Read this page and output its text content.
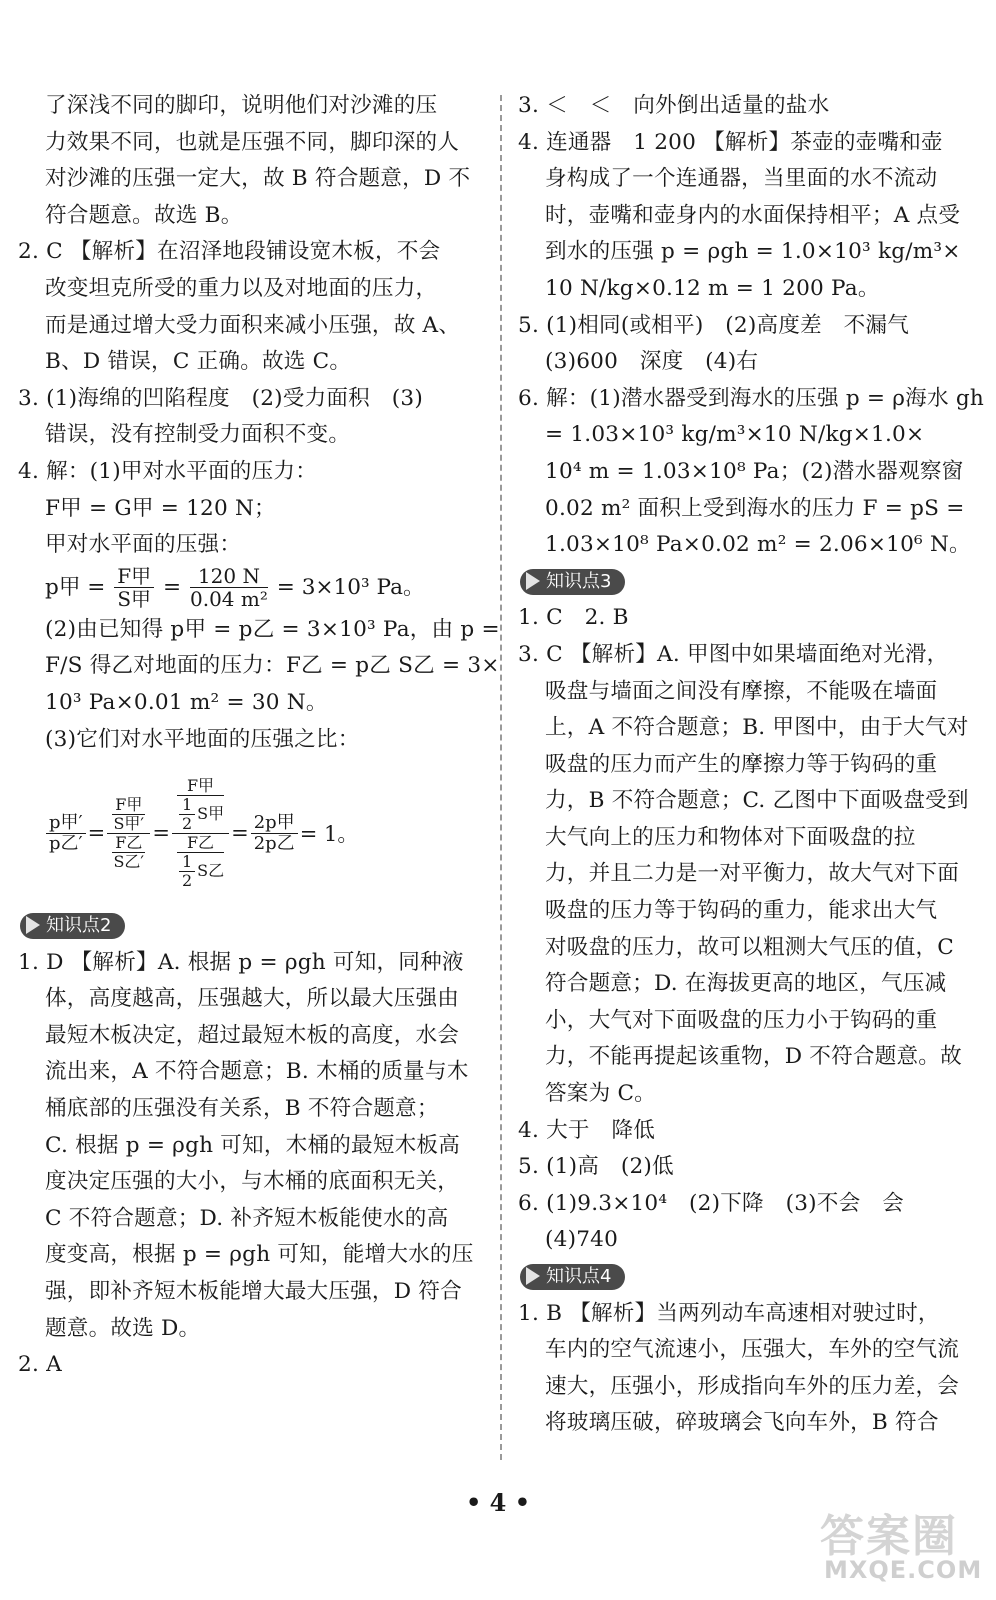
了深浅不同的脚印，说明他们对沙滩的压
力效果不同，也就是压强不同，脚印深的人
对沙滩的压强一定大，故 B 符合题意，D 不
符合题意。故选 B。
2. C 【解析】在沼泽地段铺设宽木板，不会
改变坦克所受的重力以及对地面的压力，
而是通过增大受力面积来减小压强，故 A、
B、D 错误，C 正确。故选 C。
3. (1)海绵的凹陷程度　(2)受力面积　(3)
错误，没有控制受力面积不变。
4. 解：(1)甲对水平面的压力：
F甲 = G甲 = 120 N；
甲对水平面的压强：
p甲 = $\frac{\text{F甲}}{\text{S甲}} = \frac{120 N}{\text{0.04 m²}} = 3\times 10^3$ Pa。
(2)由已知得 p甲 = p乙 = 3×10³ Pa，由 p =
F/S 得乙对地面的压力：F乙 = p乙 S乙 = 3×
10³ Pa×0.01 m² = 30 N。
(3)它们对水平地面的压强之比：
$\frac{\text{p甲′}}{\text{p乙′}} = \frac{\frac{\text{F甲}}{\text{S甲′}}}{\frac{\text{F乙}}{\text{S乙′}}}$ =
$\frac{\text{F甲}}{\frac{1}{2} S甲}$
$\frac{\text{F乙}}{\frac{1}{2} S乙}$
= $\frac{\text{2p甲}}{\text{2p乙}} = 1$。
知识点2
1. D 【解析】A. 根据 p = ρgh 可知，同种液
体，高度越高，压强越大，所以最大压强由
最短木板决定，超过最短木板的高度，水会
流出来，A 不符合题意；B. 木桶的质量与木
桶底部的压强没有关系，B 不符合题意；
C. 根据 p = ρgh 可知，木桶的最短木板高
度决定压强的大小，与木桶的底面积无关，
C 不符合题意；D. 补齐短木板能使水的高
度变高，根据 p = ρgh 可知，能增大水的压
强，即补齐短木板能增大最大压强，D 符合
题意。故选 D。
2. A
3. ＜　＜　向外倒出适量的盐水
4. 连通器　1 200 【解析】茶壶的壶嘴和壶
身构成了一个连通器，当里面的水不流动
时，壶嘴和壶身内的水面保持相平；A 点受
到水的压强 p = ρgh = 1.0×10³ kg/m³×
10 N/kg×0.12 m = 1 200 Pa。
5. (1)相同(或相平)　(2)高度差　不漏气
(3)600　深度　(4)右
6. 解：(1)潜水器受到海水的压强 p = ρ海水 gh
= 1.03×10³ kg/m³×10 N/kg×1.0×
10⁴ m = 1.03×10⁸ Pa；(2)潜水器观察窗
0.02 m² 面积上受到海水的压力 F = pS =
1.03×10⁸ Pa×0.02 m² = 2.06×10⁶ N。
知识点3
1. C　2. B
3. C 【解析】A. 甲图中如果墙面绝对光滑，
吸盘与墙面之间没有摩擦，不能吸在墙面
上，A 不符合题意；B. 甲图中，由于大气对
吸盘的压力而产生的摩擦力等于钩码的重
力，B 不符合题意；C. 乙图中下面吸盘受到
大气向上的压力和物体对下面吸盘的拉
力，并且二力是一对平衡力，故大气对下面
吸盘的压力等于钩码的重力，能求出大气
对吸盘的压力，故可以粗测大气压的值，C
符合题意；D. 在海拔更高的地区，气压减
小，大气对下面吸盘的压力小于钩码的重
力，不能再提起该重物，D 不符合题意。故
答案为 C。
4. 大于　降低
5. (1)高　(2)低
6. (1)9.3×10⁴　(2)下降　(3)不会　会
(4)740
知识点4
1. B 【解析】当两列动车高速相对驶过时，
车内的空气流速小，压强大，车外的空气流
速大，压强小，形成指向车外的压力差，会
将玻璃压破，碎玻璃会飞向车外，B 符合
• 4 •
答案圈
MXQE.COM
